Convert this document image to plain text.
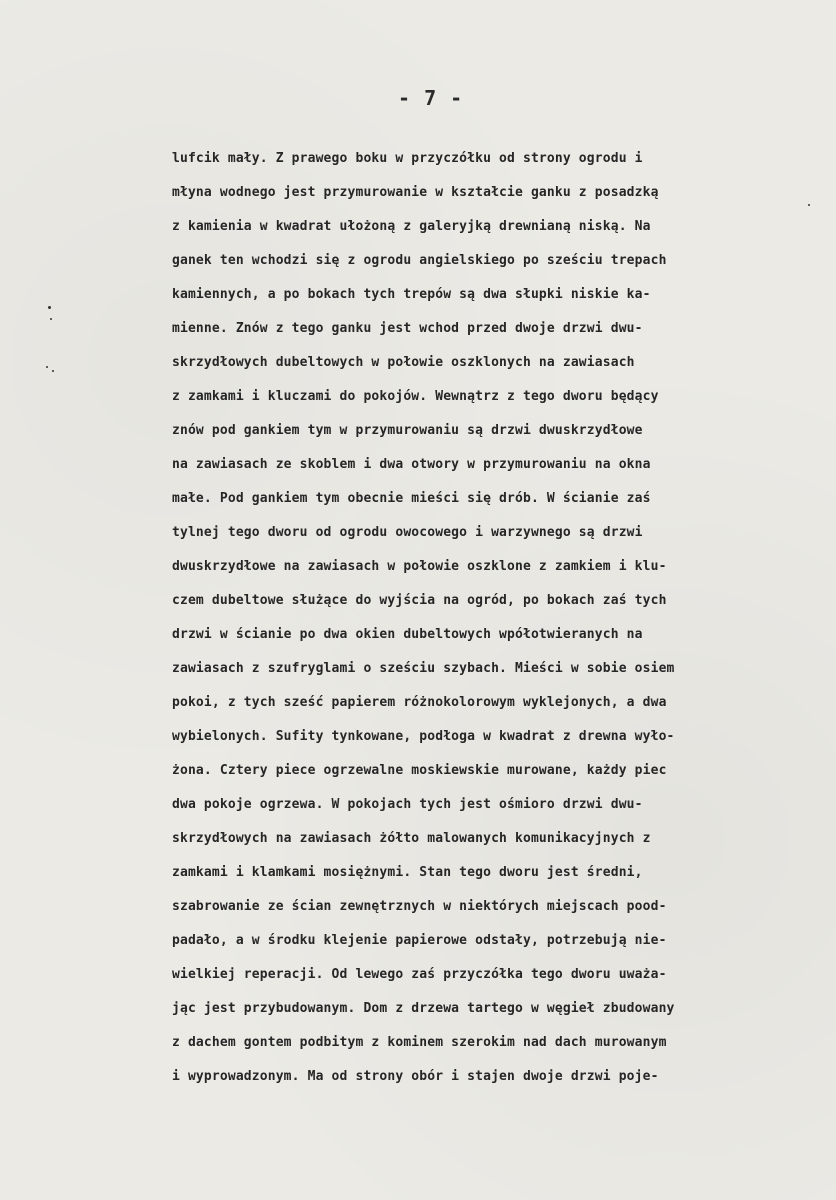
- 7 -
lufcik mały. Z prawego boku w przyczółku od strony ogrodu i
młyna wodnego jest przymurowanie w kształcie ganku z posadzką
z kamienia w kwadrat ułożoną z galeryjką drewnianą niską. Na
ganek ten wchodzi się z ogrodu angielskiego po sześciu trepach
kamiennych, a po bokach tych trepów są dwa słupki niskie ka-
mienne. Znów z tego ganku jest wchod przed dwoje drzwi dwu-
skrzydłowych dubeltowych w połowie oszklonych na zawiasach
z zamkami i kluczami do pokojów. Wewnątrz z tego dworu będący
znów pod gankiem tym w przymurowaniu są drzwi dwuskrzydłowe
na zawiasach ze skoblem i dwa otwory w przymurowaniu na okna
małe. Pod gankiem tym obecnie mieści się drób. W ścianie zaś
tylnej tego dworu od ogrodu owocowego i warzywnego są drzwi
dwuskrzydłowe na zawiasach w połowie oszklone z zamkiem i klu-
czem dubeltowe służące do wyjścia na ogród, po bokach zaś tych
drzwi w ścianie po dwa okien dubeltowych wpółotwieranych na
zawiasach z szufryglami o sześciu szybach. Mieści w sobie osiem
pokoi, z tych sześć papierem różnokolorowym wyklejonych, a dwa
wybielonych. Sufity tynkowane, podłoga w kwadrat z drewna wyło-
żona. Cztery piece ogrzewalne moskiewskie murowane, każdy piec
dwa pokoje ogrzewa. W pokojach tych jest ośmioro drzwi dwu-
skrzydłowych na zawiasach żółto malowanych komunikacyjnych z
zamkami i klamkami mosiężnymi. Stan tego dworu jest średni,
szabrowanie ze ścian zewnętrznych w niektórych miejscach pood-
padało, a w środku klejenie papierowe odstały, potrzebują nie-
wielkiej reperacji. Od lewego zaś przyczółka tego dworu uważa-
jąc jest przybudowanym. Dom z drzewa tartego w węgieł zbudowany
z dachem gontem podbitym z kominem szerokim nad dach murowanym
i wyprowadzonym. Ma od strony obór i stajen dwoje drzwi poje-
